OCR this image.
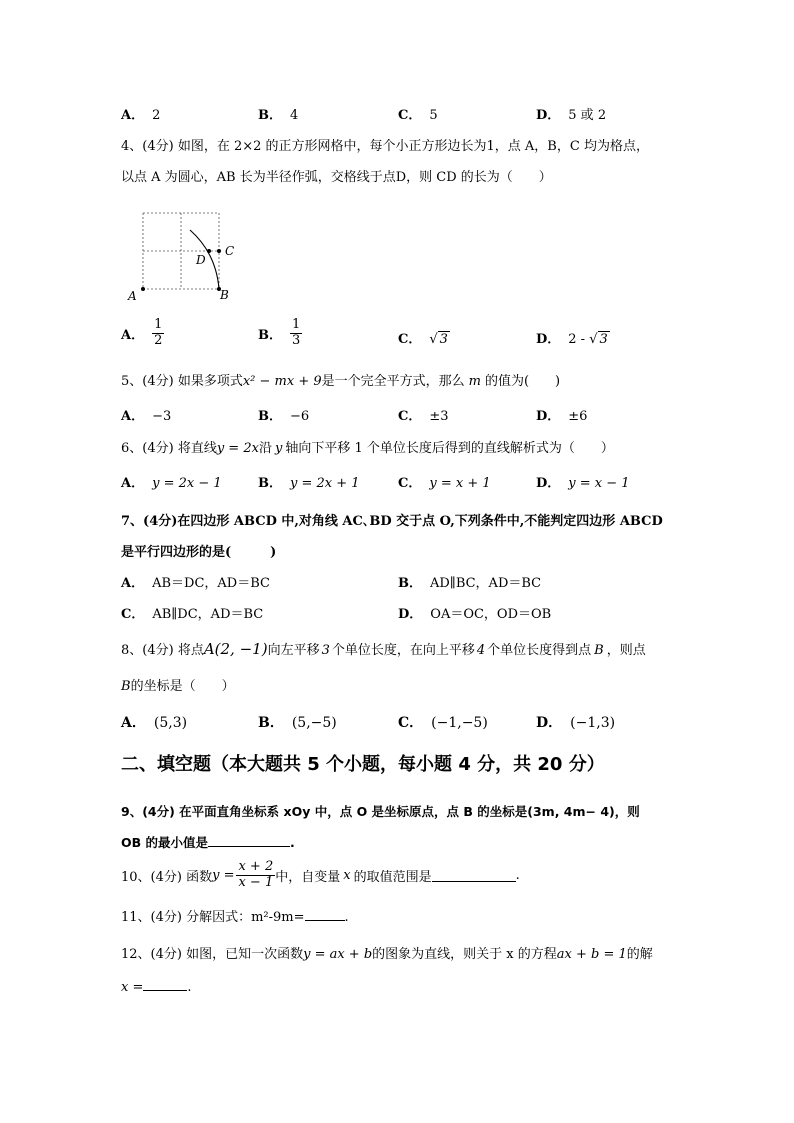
A． 2	B． 4	C． 5	D． 5 或 2
4、(4分) 如图，在 2×2 的正方形网格中，每个小正方形边长为1，点 A，B，C 均为格点，
以点 A 为圆心，AB 长为半径作弧，交格线于点D，则 CD 的长为（　　）
A	B
C
D
A． $\frac{1}{2}$	B． $\frac{1}{3}$	C． √ 3	D． 2 - √ 3
5、(4分) 如果多项式x² − mx + 9是一个完全平方式，那么 m 的值为(　　)
A． −3	B． −6	C． ±3	D． ±6
6、(4分) 将直线y = 2x沿 y 轴向下平移 1 个单位长度后得到的直线解析式为（　　）
A． y = 2x − 1	B． y = 2x + 1	C． y = x + 1	D． y = x − 1
7、(4分)在四边形 ABCD 中,对角线 AC､BD 交于点 O,下列条件中,不能判定四边形 ABCD
是平行四边形的是(　　　)
A． AB＝DC，AD＝BC	B． AD∥BC，AD＝BC
C． AB∥DC，AD＝BC	D． OA＝OC，OD＝OB
8、(4分) 将点A(2, −1)向左平移 3 个单位长度，在向上平移 4 个单位长度得到点 B ，则点
B的坐标是（　　）
A． (5,3)	B． (5,−5)	C． (−1,−5)	D． (−1,3)
二、填空题（本大题共 5 个小题，每小题 4 分，共 20 分）
9、(4分) 在平面直角坐标系 xOy 中，点 O 是坐标原点，点 B 的坐标是(3m, 4m− 4)，则
OB 的最小值是	.
10、(4分) 函数$y = \frac{x + 2}{x - 1}$ 中，自变量 x 的取值范围是	.
11、(4分) 分解因式：m²-9m=	.
12、(4分) 如图，已知一次函数y = ax + b的图象为直线，则关于 x 的方程ax + b = 1的解
x =	.
